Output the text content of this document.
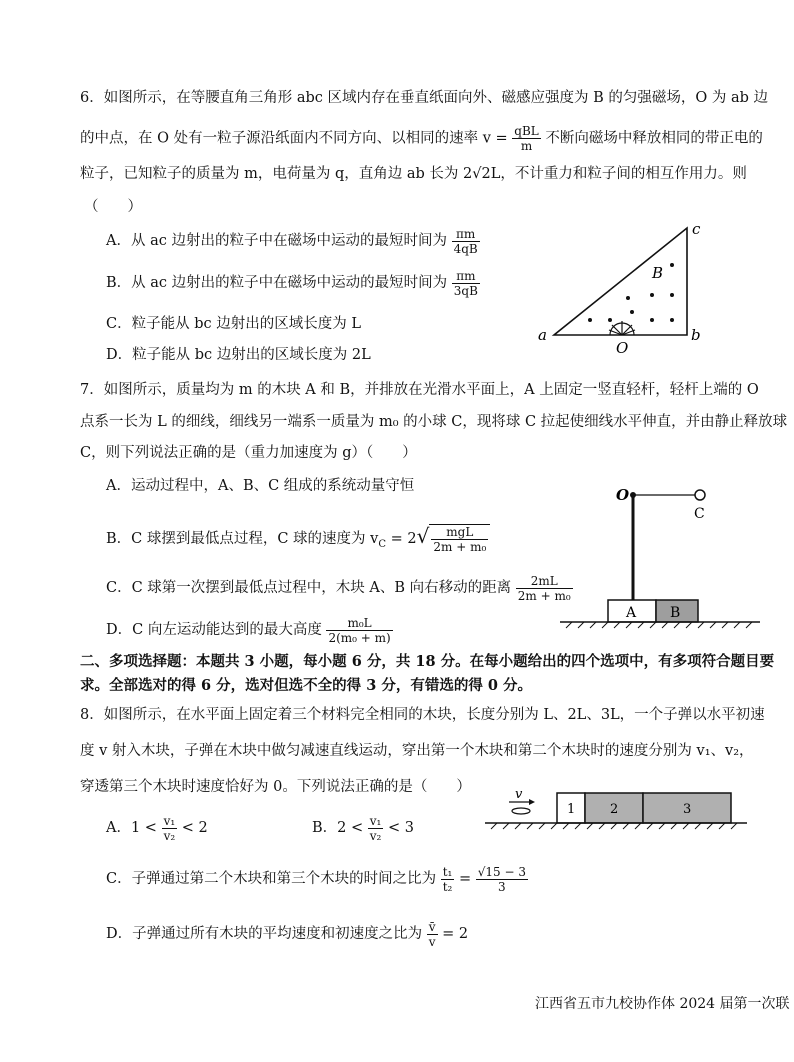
6．如图所示，在等腰直角三角形 abc 区域内存在垂直纸面向外、磁感应强度为 B 的匀强磁场，O 为 ab 边
的中点，在 O 处有一粒子源沿纸面内不同方向、以相同的速率 $v = \frac{\text{qBL}}{m}$ 不断向磁场中释放相同的带正电的
粒子，已知粒子的质量为 m，电荷量为 q，直角边 ab 长为 2√2L，不计重力和粒子间的相互作用力。则
（　　）
A．从 ac 边射出的粒子中在磁场中运动的最短时间为 $\frac{\pi m}{4qB}$
B．从 ac 边射出的粒子中在磁场中运动的最短时间为 $\frac{\pi m}{3qB}$
C．粒子能从 bc 边射出的区域长度为 L
D．粒子能从 bc 边射出的区域长度为 2L
a	b
c
B
O
7．如图所示，质量均为 m 的木块 A 和 B，并排放在光滑水平面上，A 上固定一竖直轻杆，轻杆上端的 O
点系一长为 L 的细线，细线另一端系一质量为 m₀ 的小球 C，现将球 C 拉起使细线水平伸直，并由静止释放球
C，则下列说法正确的是（重力加速度为 g）（　　）
A．运动过程中，A、B、C 组成的系统动量守恒
B．C 球摆到最低点过程，C 球的速度为 $v_C = 2√ \frac{\text{mgL}}{\text{2m + m₀}}$
C．C 球第一次摆到最低点过程中，木块 A、B 向右移动的距离 $\frac{2mL}{\text{2m + m₀}}$
D．C 向左运动能达到的最大高度 $\frac{\text{m₀L}}{\text{2(m₀ + m)}}$
O
C
A B
二、多项选择题：本题共 3 小题，每小题 6 分，共 18 分。在每小题给出的四个选项中，有多项符合题目要
求。全部选对的得 6 分，选对但选不全的得 3 分，有错选的得 0 分。
8．如图所示，在水平面上固定着三个材料完全相同的木块，长度分别为 L、2L、3L，一个子弹以水平初速
度 v 射入木块，子弹在木块中做匀减速直线运动，穿出第一个木块和第二个木块时的速度分别为 v₁、v₂，
穿透第三个木块时速度恰好为 0。下列说法正确的是（　　）
A．$1 < \frac{\text{v₁}}{\text{v₂}} < 2$	B．$2 < \frac{\text{v₁}}{\text{v₂}} < 3$
C．子弹通过第二个木块和第三个木块的时间之比为 $\frac{\text{t₁}}{\text{t₂}} = \frac{√15 - 3}{3}$
D．子弹通过所有木块的平均速度和初速度之比为 $\frac{v̄}{v} = 2$
v
1	2	3
江西省五市九校协作体 2024 届第一次联
